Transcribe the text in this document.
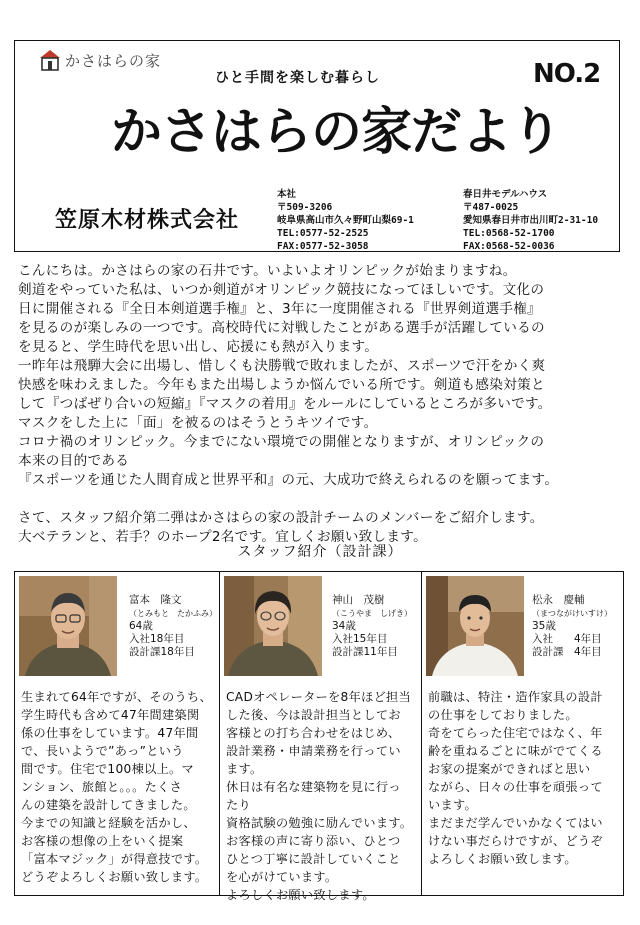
かさはらの家
ひと手間を楽しむ暮らし	NO.2
かさはらの家だより
笠原木材株式会社
本社
〒509-3206
岐阜県高山市久々野町山梨69-1
TEL:0577-52-2525
FAX:0577-52-3058
春日井モデルハウス
〒487-0025
愛知県春日井市出川町2-31-10
TEL:0568-52-1700
FAX:0568-52-0036

こんにちは。かさはらの家の石井です。いよいよオリンピックが始まりますね。

剣道をやっていた私は、いつか剣道がオリンピック競技になってほしいです。文化の

日に開催される『全日本剣道選手権』と、3年に一度開催される『世界剣道選手権』

を見るのが楽しみの一つです。高校時代に対戦したことがある選手が活躍しているの

を見ると、学生時代を思い出し、応援にも熱が入ります。

一昨年は飛騨大会に出場し、惜しくも決勝戦で敗れましたが、スポーツで汗をかく爽

快感を味わえました。今年もまた出場しようか悩んでいる所です。剣道も感染対策と

して『つばぜり合いの短縮』『マスクの着用』をルールにしているところが多いです。

マスクをした上に「面」を被るのはそうとうキツイです。

コロナ禍のオリンピック。今までにない環境での開催となりますが、オリンピックの

本来の目的である

『スポーツを通じた人間育成と世界平和』の元、大成功で終えられるのを願ってます。

さて、スタッフ紹介第二弾はかさはらの家の設計チームのメンバーをご紹介します。

大ベテランと、若手？のホープ2名です。宜しくお願い致します。

スタッフ紹介（設計課）
富本　隆文
（とみもと　たかふみ）
64歳
入社18年目
設計課18年目
生まれて64年ですが、そのうち、
学生時代も含めて47年間建築関
係の仕事をしています。47年間
で、長いようで”あっ”という
間です。住宅で100棟以上。マ
ンション、旅館と。。。たくさ
んの建築を設計してきました。
今までの知識と経験を活かし、
お客様の想像の上をいく提案
「富本マジック」が得意技です。
どうぞよろしくお願い致します。
神山　茂樹
（こうやま　しげき）
34歳
入社15年目
設計課11年目
CADオペレーターを8年ほど担当
した後、今は設計担当としてお
客様との打ち合わせをはじめ、
設計業務・申請業務を行ってい
ます。
休日は有名な建築物を見に行っ
たり
資格試験の勉強に励んでいます。
お客様の声に寄り添い、ひとつ
ひとつ丁寧に設計していくこと
を心がけています。
よろしくお願い致します。
松永　慶輔
（まつながけいすけ）
35歳
入社　　4年目
設計課　4年目
前職は、特注・造作家具の設計
の仕事をしておりました。
奇をてらった住宅ではなく、年
齢を重ねるごとに味がでてくる
お家の提案ができればと思い
ながら、日々の仕事を頑張って
います。
まだまだ学んでいかなくてはい
けない事だらけですが、どうぞ
よろしくお願い致します。
